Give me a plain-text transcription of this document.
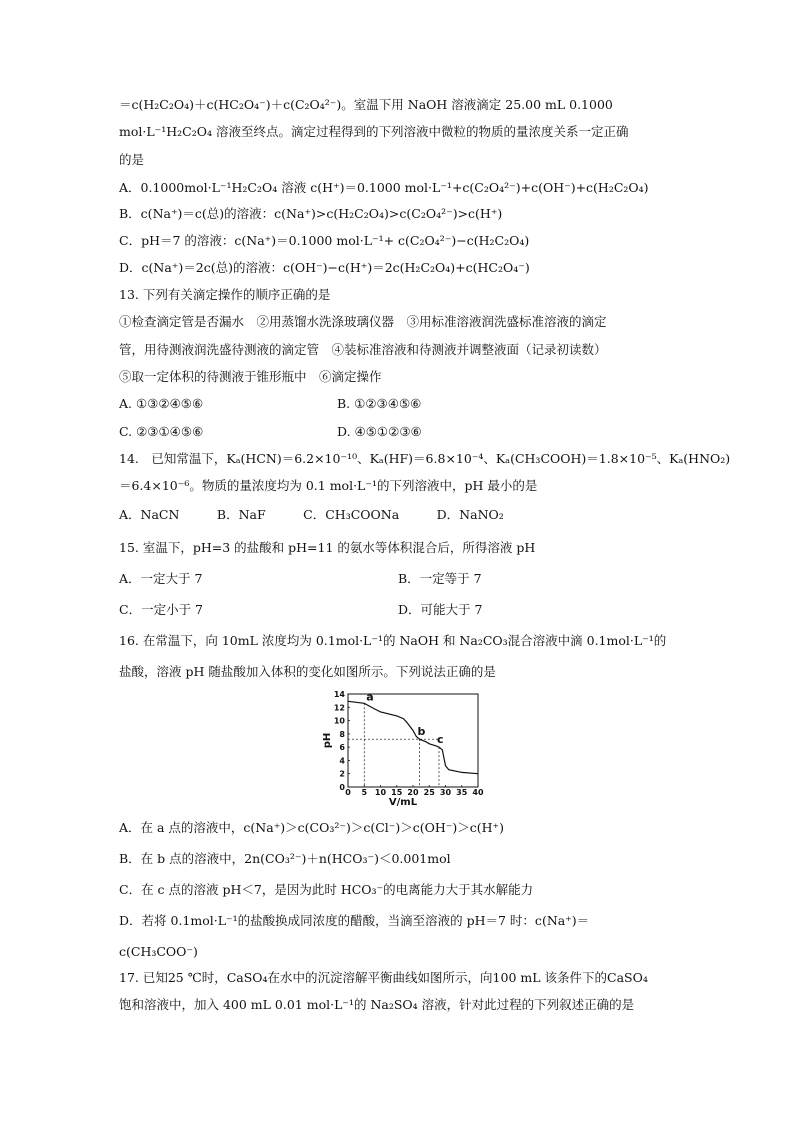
＝c(H₂C₂O₄)＋c(HC₂O₄⁻)＋c(C₂O₄²⁻)。室温下用 NaOH 溶液滴定 25.00 mL 0.1000
mol·L⁻¹H₂C₂O₄ 溶液至终点。滴定过程得到的下列溶液中微粒的物质的量浓度关系一定正确
的是
A．0.1000mol·L⁻¹H₂C₂O₄ 溶液 c(H⁺)＝0.1000 mol·L⁻¹+c(C₂O₄²⁻)+c(OH⁻)+c(H₂C₂O₄)
B．c(Na⁺)＝c(总)的溶液：c(Na⁺)>c(H₂C₂O₄)>c(C₂O₄²⁻)>c(H⁺)
C．pH＝7 的溶液：c(Na⁺)＝0.1000 mol·L⁻¹+ c(C₂O₄²⁻)−c(H₂C₂O₄)
D．c(Na⁺)＝2c(总)的溶液：c(OH⁻)−c(H⁺)＝2c(H₂C₂O₄)+c(HC₂O₄⁻)
13. 下列有关滴定操作的顺序正确的是
①检查滴定管是否漏水　②用蒸馏水洗涤玻璃仪器　③用标准溶液润洗盛标准溶液的滴定
管，用待测液润洗盛待测液的滴定管　④装标准溶液和待测液并调整液面（记录初读数）
⑤取一定体积的待测液于锥形瓶中　⑥滴定操作
A. ①③②④⑤⑥	B. ①②③④⑤⑥
C. ②③①④⑤⑥	D. ④⑤①②③⑥
14.　已知常温下，Kₐ(HCN)＝6.2×10⁻¹⁰、Kₐ(HF)＝6.8×10⁻⁴、Kₐ(CH₃COOH)＝1.8×10⁻⁵、Kₐ(HNO₂)
＝6.4×10⁻⁶。物质的量浓度均为 0.1 mol·L⁻¹的下列溶液中，pH 最小的是
A．NaCN　　　B．NaF　　　C．CH₃COONa　　　D．NaNO₂
15. 室温下，pH=3 的盐酸和 pH=11 的氨水等体积混合后，所得溶液 pH
A．一定大于 7	B．一定等于 7
C．一定小于 7	D．可能大于 7
16. 在常温下，向 10mL 浓度均为 0.1mol·L⁻¹的 NaOH 和 Na₂CO₃混合溶液中滴 0.1mol·L⁻¹的
盐酸，溶液 pH 随盐酸加入体积的变化如图所示。下列说法正确的是
0 5 10 15 20 25 30 35 40
0
2
4
6
8
10
12
14
V/mL
pH
a
b
c
A．在 a 点的溶液中，c(Na⁺)＞c(CO₃²⁻)＞c(Cl⁻)＞c(OH⁻)＞c(H⁺)
B．在 b 点的溶液中，2n(CO₃²⁻)＋n(HCO₃⁻)＜0.001mol
C．在 c 点的溶液 pH＜7，是因为此时 HCO₃⁻的电离能力大于其水解能力
D．若将 0.1mol·L⁻¹的盐酸换成同浓度的醋酸，当滴至溶液的 pH＝7 时：c(Na⁺)＝
c(CH₃COO⁻)
17. 已知25 ℃时，CaSO₄在水中的沉淀溶解平衡曲线如图所示，向100 mL 该条件下的CaSO₄
饱和溶液中，加入 400 mL 0.01 mol·L⁻¹的 Na₂SO₄ 溶液，针对此过程的下列叙述正确的是
